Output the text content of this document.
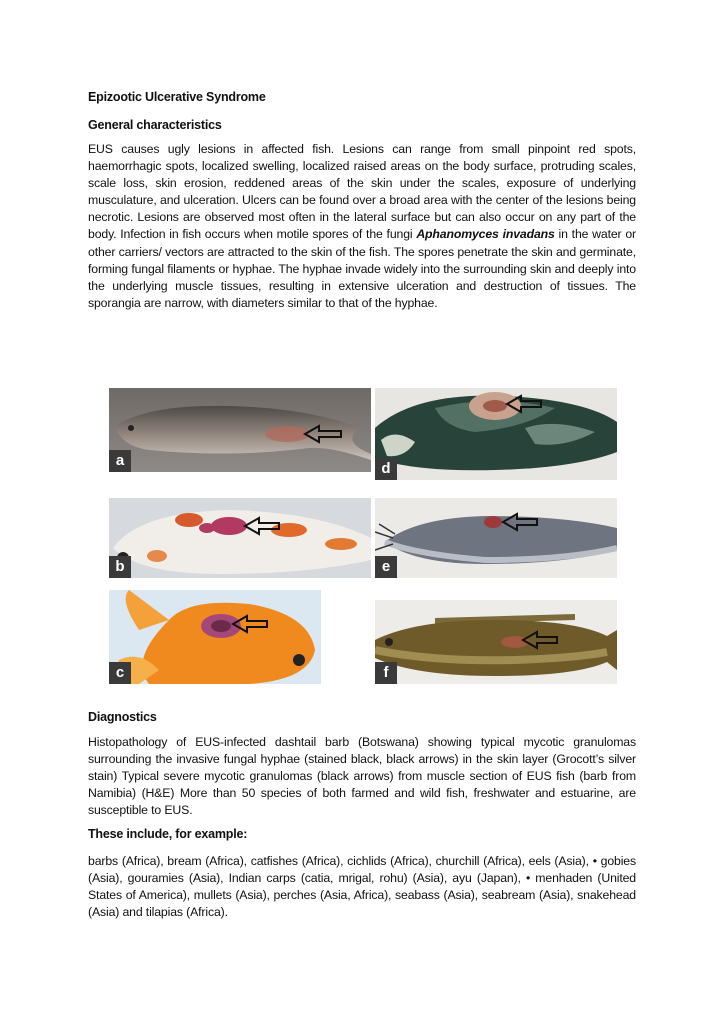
Epizootic Ulcerative Syndrome
General characteristics
EUS causes ugly lesions in affected fish. Lesions can range from small pinpoint red spots, haemorrhagic spots, localized swelling, localized raised areas on the body surface, protruding scales, scale loss, skin erosion, reddened areas of the skin under the scales, exposure of underlying musculature, and ulceration. Ulcers can be found over a broad area with the center of the lesions being necrotic. Lesions are observed most often in the lateral surface but can also occur on any part of the body. Infection in fish occurs when motile spores of the fungi Aphanomyces invadans in the water or other carriers/ vectors are attracted to the skin of the fish. The spores penetrate the skin and germinate, forming fungal filaments or hyphae. The hyphae invade widely into the surrounding skin and deeply into the underlying muscle tissues, resulting in extensive ulceration and destruction of tissues. The sporangia are narrow, with diameters similar to that of the hyphae.
a	d
b	e
c	f
Diagnostics
Histopathology of EUS-infected dashtail barb (Botswana) showing typical mycotic granulomas surrounding the invasive fungal hyphae (stained black, black arrows) in the skin layer (Grocott’s silver stain) Typical severe mycotic granulomas (black arrows) from muscle section of EUS fish (barb from Namibia) (H&E) More than 50 species of both farmed and wild fish, freshwater and estuarine, are susceptible to EUS.
These include, for example:
barbs (Africa), bream (Africa), catfishes (Africa), cichlids (Africa), churchill (Africa), eels (Asia), • gobies (Asia), gouramies (Asia), Indian carps (catia, mrigal, rohu) (Asia), ayu (Japan), • menhaden (United States of America), mullets (Asia), perches (Asia, Africa), seabass (Asia), seabream (Asia), snakehead (Asia) and tilapias (Africa).
